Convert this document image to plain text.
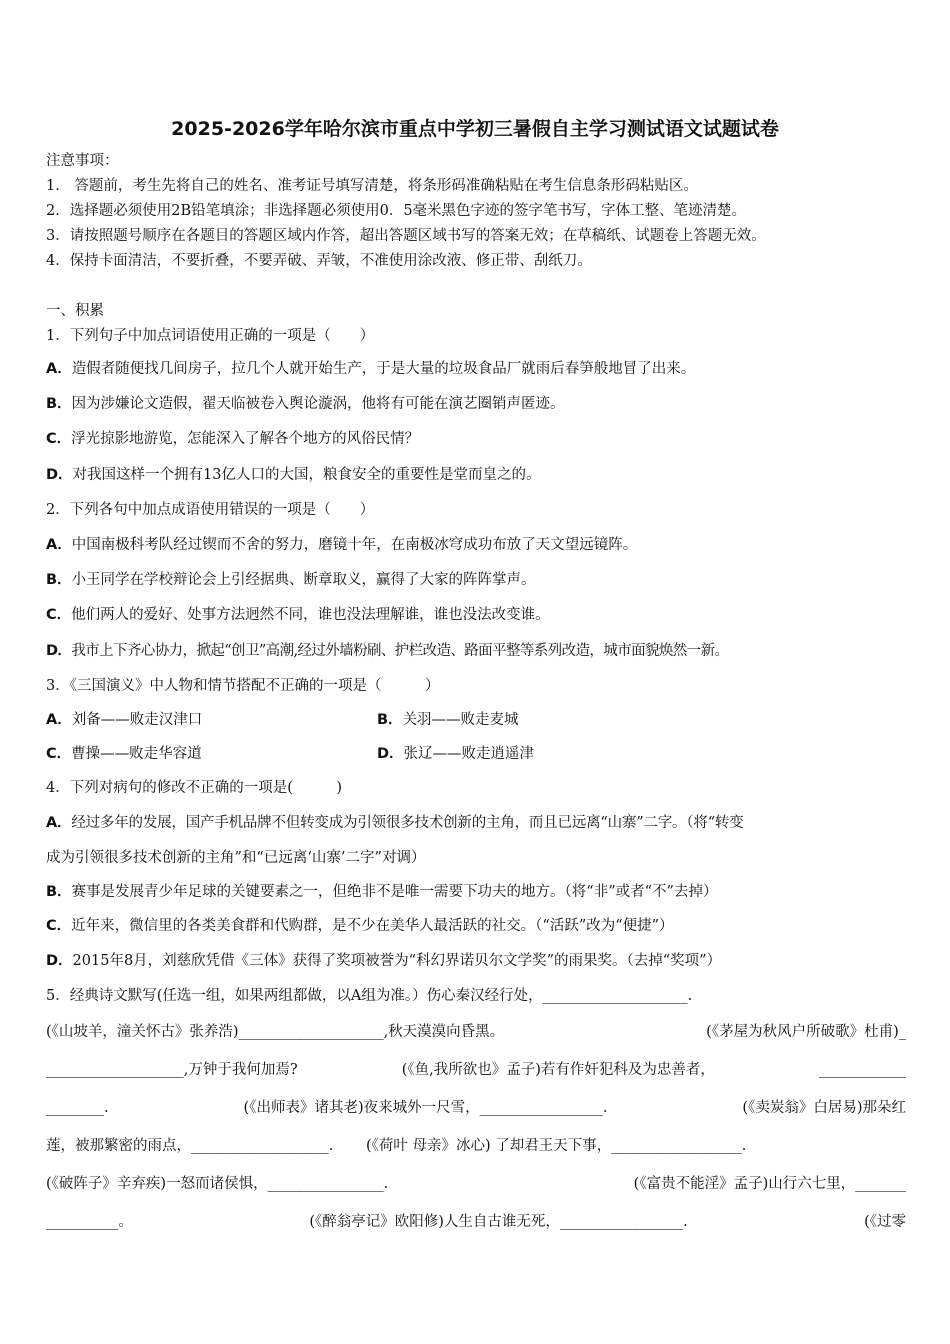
2025-2026学年哈尔滨市重点中学初三暑假自主学习测试语文试题试卷
注意事项：
1． 答题前，考生先将自己的姓名、准考证号填写清楚，将条形码准确粘贴在考生信息条形码粘贴区。
2．选择题必须使用2B铅笔填涂；非选择题必须使用0．5毫米黑色字迹的签字笔书写，字体工整、笔迹清楚。
3．请按照题号顺序在各题目的答题区域内作答，超出答题区域书写的答案无效；在草稿纸、试题卷上答题无效。
4．保持卡面清洁，不要折叠，不要弄破、弄皱，不准使用涂改液、修正带、刮纸刀。
一、积累
1．下列句子中加点词语使用正确的一项是（　　）
A．造假者随便找几间房子，拉几个人就开始生产，于是大量的垃圾食品厂就雨后春笋般地冒了出来。
B．因为涉嫌论文造假，翟天临被卷入舆论漩涡，他将有可能在演艺圈销声匿迹。
C．浮光掠影地游览，怎能深入了解各个地方的风俗民情？
D．对我国这样一个拥有13亿人口的大国，粮食安全的重要性是堂而皇之的。
2．下列各句中加点成语使用错误的一项是（　　）
A．中国南极科考队经过锲而不舍的努力，磨镜十年，在南极冰穹成功布放了天文望远镜阵。
B．小王同学在学校辩论会上引经据典、断章取义，赢得了大家的阵阵掌声。
C．他们两人的爱好、处事方法迥然不同，谁也没法理解谁，谁也没法改变谁。
D．我市上下齐心协力，掀起“创卫”高潮,经过外墙粉刷、护栏改造、路面平整等系列改造，城市面貌焕然一新。
3．《三国演义》中人物和情节搭配不正确的一项是（　　　）
A．刘备——败走汉津口	B．关羽——败走麦城
C．曹操——败走华容道	D．张辽——败走逍遥津
4．下列对病句的修改不正确的一项是(　　　)
A．经过多年的发展，国产手机品牌不但转变成为引领很多技术创新的主角，而且已远离“山寨”二字。（将“转变
成为引领很多技术创新的主角”和“已远离‘山寨’二字”对调）
B．赛事是发展青少年足球的关键要素之一，但绝非不是唯一需要下功夫的地方。（将“非”或者“不”去掉）
C．近年来，微信里的各类美食群和代购群，是不少在美华人最活跃的社交。（“活跃”改为“便捷”）
D．2015年8月，刘慈欣凭借《三体》获得了奖项被誉为“科幻界诺贝尔文学奖”的雨果奖。（去掉“奖项”）
5．经典诗文默写(任选一组，如果两组都做，以A组为准。）伤心秦汉经行处，____________________.
(《山坡羊，潼关怀古》张养浩)____________________,秋天漠漠向昏黑。	(《茅屋为秋风户所破歌》杜甫)_
___________________,万钟于我何加焉?	(《鱼,我所欲也》孟子)若有作奸犯科及为忠善者，	____________
________.	(《出师表》诸其老)夜来城外一尺雪，_________________.	(《卖炭翁》白居易)那朵红
莲，被那繁密的雨点，___________________. (《荷叶 母亲》冰心) 了却君王天下事，__________________.
(《破阵子》辛弃疾)一怒而诸侯惧，________________.	(《富贵不能淫》孟子)山行六七里，_______
__________。	(《醉翁亭记》欧阳修)人生自古谁无死，_________________.	(《过零
